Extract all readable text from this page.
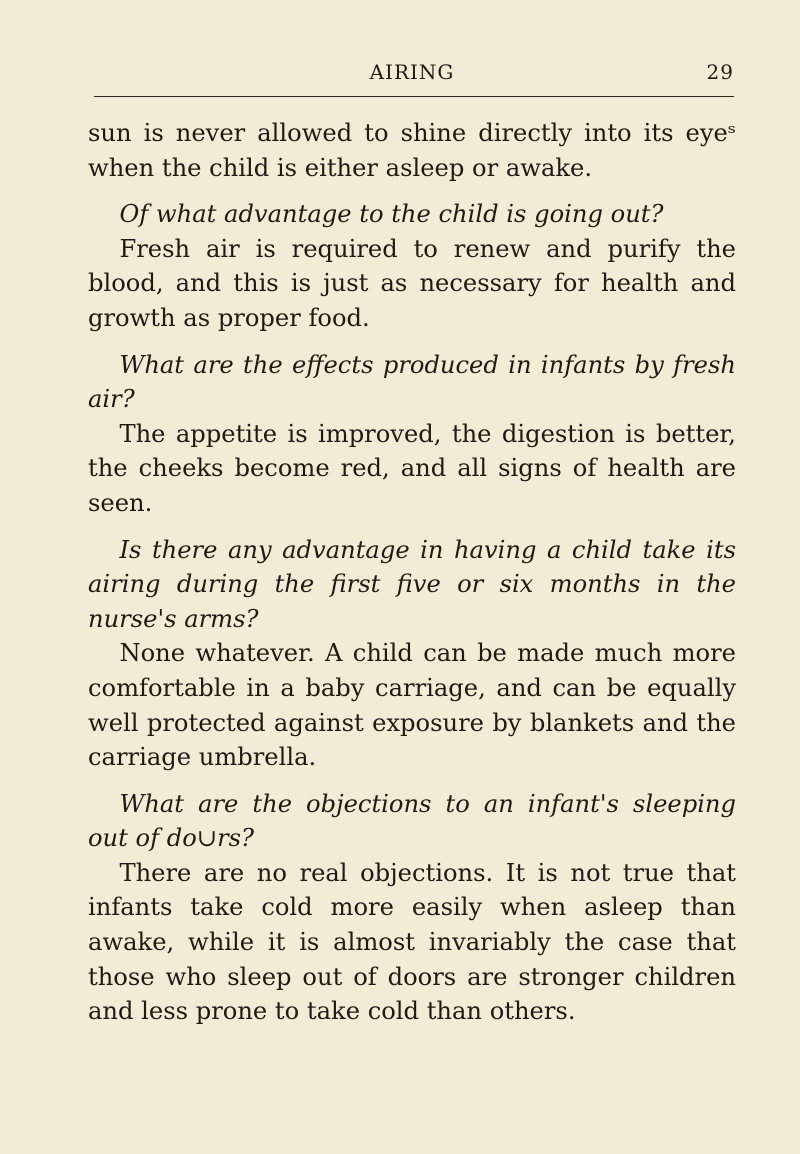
AIRING	29

sun is never allowed to shine directly into its eyeˢ when the child is either asleep or awake.

Of what advantage to the child is going out?

Fresh air is required to renew and purify the blood, and this is just as necessary for health and growth as proper food.

What are the effects produced in infants by fresh air?

The appetite is improved, the digestion is better, the cheeks become red, and all signs of health are seen.

Is there any advantage in having a child take its airing during the first five or six months in the nurse's arms?

None whatever. A child can be made much more comfortable in a baby carriage, and can be equally well protected against exposure by blankets and the carriage umbrella.

What are the objections to an infant's sleeping out of do∪rs?

There are no real objections. It is not true that infants take cold more easily when asleep than awake, while it is almost invariably the case that those who sleep out of doors are stronger children and less prone to take cold than others.
